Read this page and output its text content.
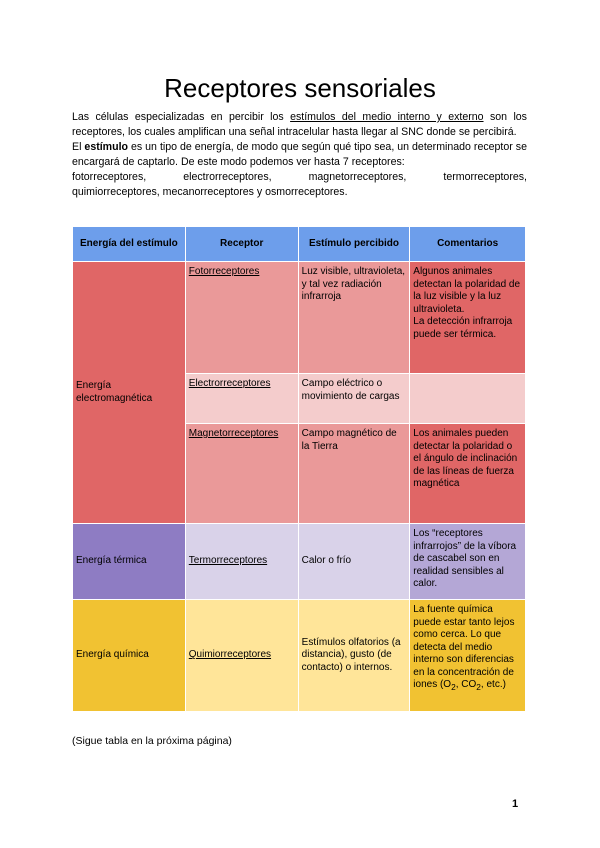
Receptores sensoriales

Las células especializadas en percibir los estímulos del medio interno y externo son los receptores, los cuales amplifican una señal intracelular hasta llegar al SNC donde se percibirá.

El estímulo es un tipo de energía, de modo que según qué tipo sea, un determinado receptor se encargará de captarlo. De este modo podemos ver hasta 7 receptores:

fotorreceptores,	electrorreceptores,	magnetorreceptores,	termorreceptores,

quimiorreceptores, mecanorreceptores y osmorreceptores.

Energía del estímulo	Receptor	Estímulo percibido	Comentarios
Energía electromagnética	Fotorreceptores	Luz visible, ultravioleta, y tal vez radiación infrarroja	Algunos animales detectan la polaridad de la luz visible y la luz ultravioleta.
La detección infrarroja puede ser térmica.
	Electrorreceptores	Campo eléctrico o movimiento de cargas	
	Magnetorreceptores	Campo magnético de la Tierra	Los animales pueden detectar la polaridad o el ángulo de inclinación de las líneas de fuerza magnética
Energía térmica	Termorreceptores	Calor o frío	Los “receptores infrarrojos” de la víbora de cascabel son en realidad sensibles al calor.
Energía química	Quimiorreceptores	Estímulos olfatorios (a distancia), gusto (de contacto) o internos.	La fuente química puede estar tanto lejos como cerca. Lo que detecta del medio interno son diferencias en la concentración de iones ($O_2$, $CO_2$, etc.)

(Sigue tabla en la próxima página)

1
